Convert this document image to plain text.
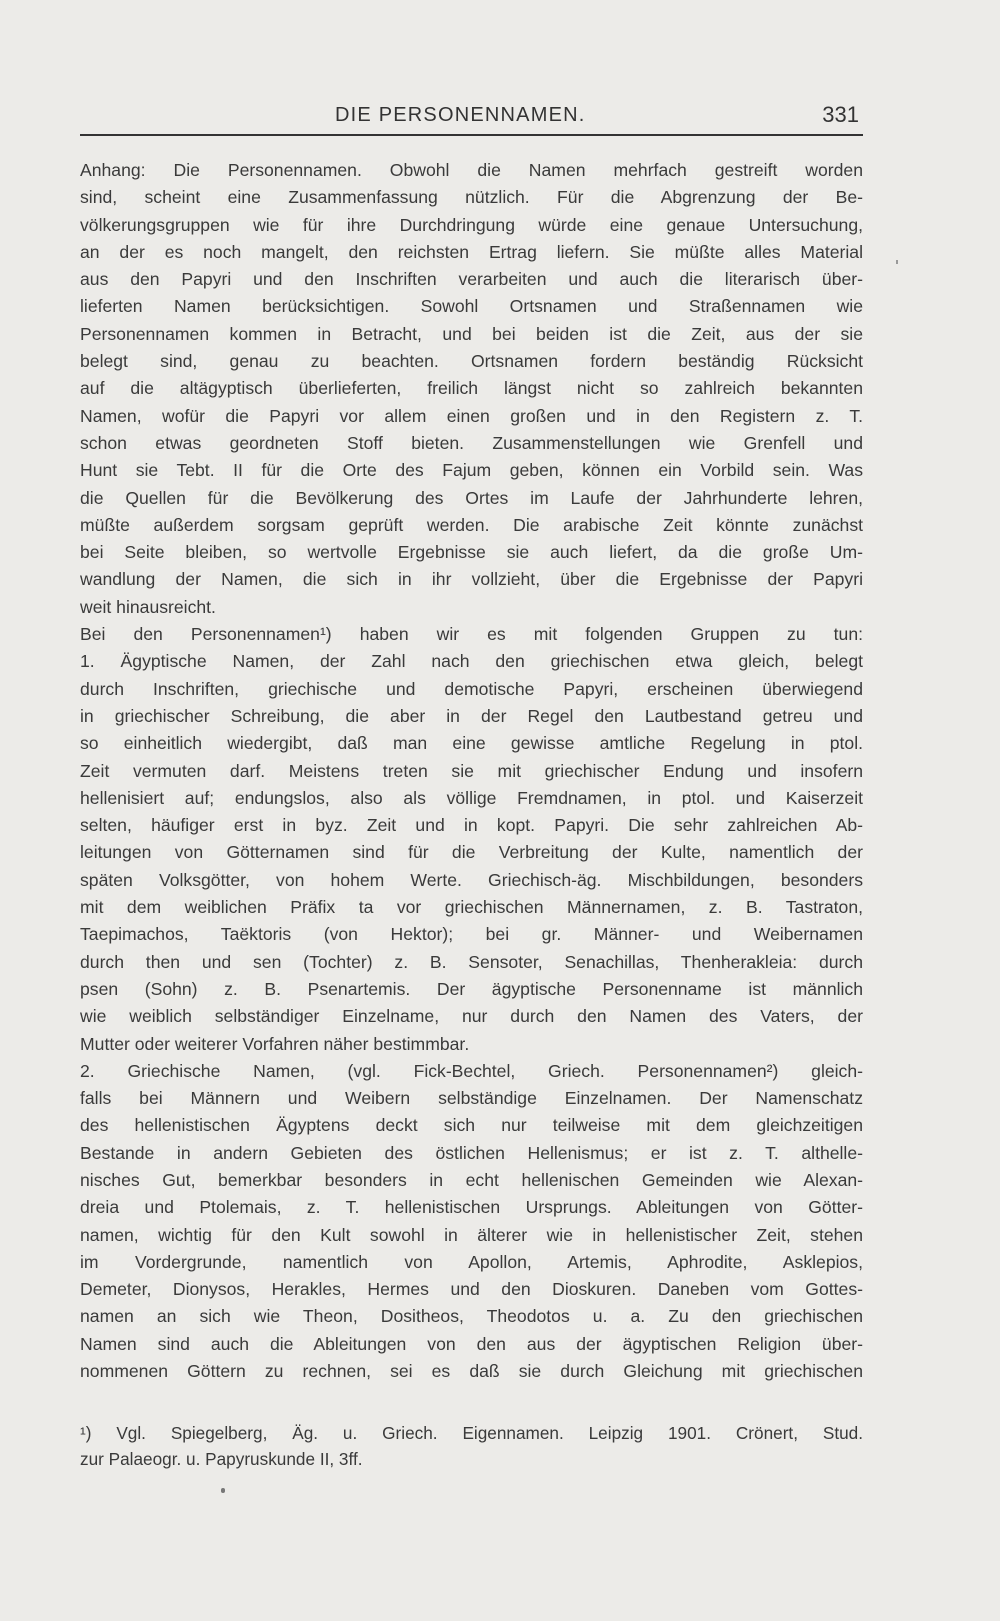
DIE PERSONENNAMEN.	331
Anhang: Die Personennamen. Obwohl die Namen mehrfach gestreift worden
sind, scheint eine Zusammenfassung nützlich. Für die Abgrenzung der Be-
völkerungsgruppen wie für ihre Durchdringung würde eine genaue Untersuchung,
an der es noch mangelt, den reichsten Ertrag liefern. Sie müßte alles Material
aus den Papyri und den Inschriften verarbeiten und auch die literarisch über-
lieferten Namen berücksichtigen. Sowohl Ortsnamen und Straßennamen wie
Personennamen kommen in Betracht, und bei beiden ist die Zeit, aus der sie
belegt sind, genau zu beachten. Ortsnamen fordern beständig Rücksicht
auf die altägyptisch überlieferten, freilich längst nicht so zahlreich bekannten
Namen, wofür die Papyri vor allem einen großen und in den Registern z. T.
schon etwas geordneten Stoff bieten. Zusammenstellungen wie Grenfell und
Hunt sie Tebt. II für die Orte des Fajum geben, können ein Vorbild sein. Was
die Quellen für die Bevölkerung des Ortes im Laufe der Jahrhunderte lehren,
müßte außerdem sorgsam geprüft werden. Die arabische Zeit könnte zunächst
bei Seite bleiben, so wertvolle Ergebnisse sie auch liefert, da die große Um-
wandlung der Namen, die sich in ihr vollzieht, über die Ergebnisse der Papyri
weit hinausreicht.
Bei den Personennamen¹) haben wir es mit folgenden Gruppen zu tun:
1. Ägyptische Namen, der Zahl nach den griechischen etwa gleich, belegt
durch Inschriften, griechische und demotische Papyri, erscheinen überwiegend
in griechischer Schreibung, die aber in der Regel den Lautbestand getreu und
so einheitlich wiedergibt, daß man eine gewisse amtliche Regelung in ptol.
Zeit vermuten darf. Meistens treten sie mit griechischer Endung und insofern
hellenisiert auf; endungslos, also als völlige Fremdnamen, in ptol. und Kaiserzeit
selten, häufiger erst in byz. Zeit und in kopt. Papyri. Die sehr zahlreichen Ab-
leitungen von Götternamen sind für die Verbreitung der Kulte, namentlich der
späten Volksgötter, von hohem Werte. Griechisch-äg. Mischbildungen, besonders
mit dem weiblichen Präfix ta vor griechischen Männernamen, z. B. Tastraton,
Taepimachos, Taëktoris (von Hektor); bei gr. Männer- und Weibernamen
durch then und sen (Tochter) z. B. Sensoter, Senachillas, Thenherakleia: durch
psen (Sohn) z. B. Psenartemis. Der ägyptische Personenname ist männlich
wie weiblich selbständiger Einzelname, nur durch den Namen des Vaters, der
Mutter oder weiterer Vorfahren näher bestimmbar.
2. Griechische Namen, (vgl. Fick-Bechtel, Griech. Personennamen²) gleich-
falls bei Männern und Weibern selbständige Einzelnamen. Der Namenschatz
des hellenistischen Ägyptens deckt sich nur teilweise mit dem gleichzeitigen
Bestande in andern Gebieten des östlichen Hellenismus; er ist z. T. althelle-
nisches Gut, bemerkbar besonders in echt hellenischen Gemeinden wie Alexan-
dreia und Ptolemais, z. T. hellenistischen Ursprungs. Ableitungen von Götter-
namen, wichtig für den Kult sowohl in älterer wie in hellenistischer Zeit, stehen
im Vordergrunde, namentlich von Apollon, Artemis, Aphrodite, Asklepios,
Demeter, Dionysos, Herakles, Hermes und den Dioskuren. Daneben vom Gottes-
namen an sich wie Theon, Dositheos, Theodotos u. a. Zu den griechischen
Namen sind auch die Ableitungen von den aus der ägyptischen Religion über-
nommenen Göttern zu rechnen, sei es daß sie durch Gleichung mit griechischen
¹) Vgl. Spiegelberg, Äg. u. Griech. Eigennamen. Leipzig 1901. Crönert, Stud.
zur Palaeogr. u. Papyruskunde II, 3ff.
